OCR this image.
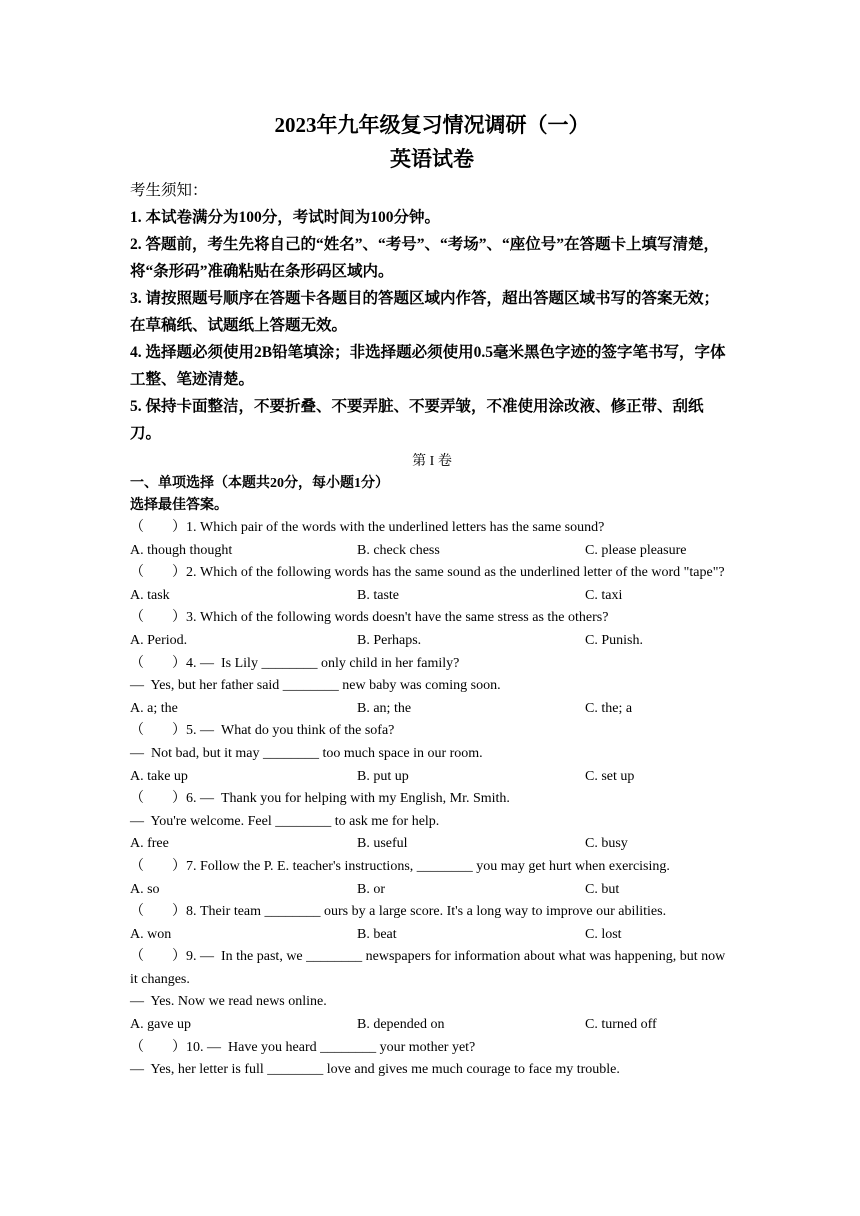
2023年九年级复习情况调研（一）
英语试卷
考生须知：
1. 本试卷满分为100分，考试时间为100分钟。
2. 答题前，考生先将自己的“姓名”、“考号”、“考场”、“座位号”在答题卡上填写清楚，将“条形码”准确粘贴在条形码区域内。
3. 请按照题号顺序在答题卡各题目的答题区域内作答，超出答题区域书写的答案无效；在草稿纸、试题纸上答题无效。
4. 选择题必须使用2B铅笔填涂；非选择题必须使用0.5毫米黑色字迹的签字笔书写，字体工整、笔迹清楚。
5. 保持卡面整洁，不要折叠、不要弄脏、不要弄皱，不准使用涂改液、修正带、刮纸刀。
第 I 卷
一、单项选择（本题共20分，每小题1分）
选择最佳答案。
（　　）1. Which pair of the words with the underlined letters has the same sound?
A. though thought	B. check chess	C. please pleasure
（　　）2. Which of the following words has the same sound as the underlined letter of the word "tape"?
A. task	B. taste	C. taxi
（　　）3. Which of the following words doesn't have the same stress as the others?
A. Period.	B. Perhaps.	C. Punish.
（　　）4. —  Is Lily ________ only child in her family?
—  Yes, but her father said ________ new baby was coming soon.
A. a; the	B. an; the	C. the; a
（　　）5. —  What do you think of the sofa?
—  Not bad, but it may ________ too much space in our room.
A. take up	B. put up	C. set up
（　　）6. —  Thank you for helping with my English, Mr. Smith.
—  You're welcome. Feel ________ to ask me for help.
A. free	B. useful	C. busy
（　　）7. Follow the P. E. teacher's instructions, ________ you may get hurt when exercising.
A. so	B. or	C. but
（　　）8. Their team ________ ours by a large score. It's a long way to improve our abilities.
A. won	B. beat	C. lost
（　　）9. —  In the past, we ________ newspapers for information about what was happening, but now it changes.
—  Yes. Now we read news online.
A. gave up	B. depended on	C. turned off
（　　）10. —  Have you heard ________ your mother yet?
—  Yes, her letter is full ________ love and gives me much courage to face my trouble.
